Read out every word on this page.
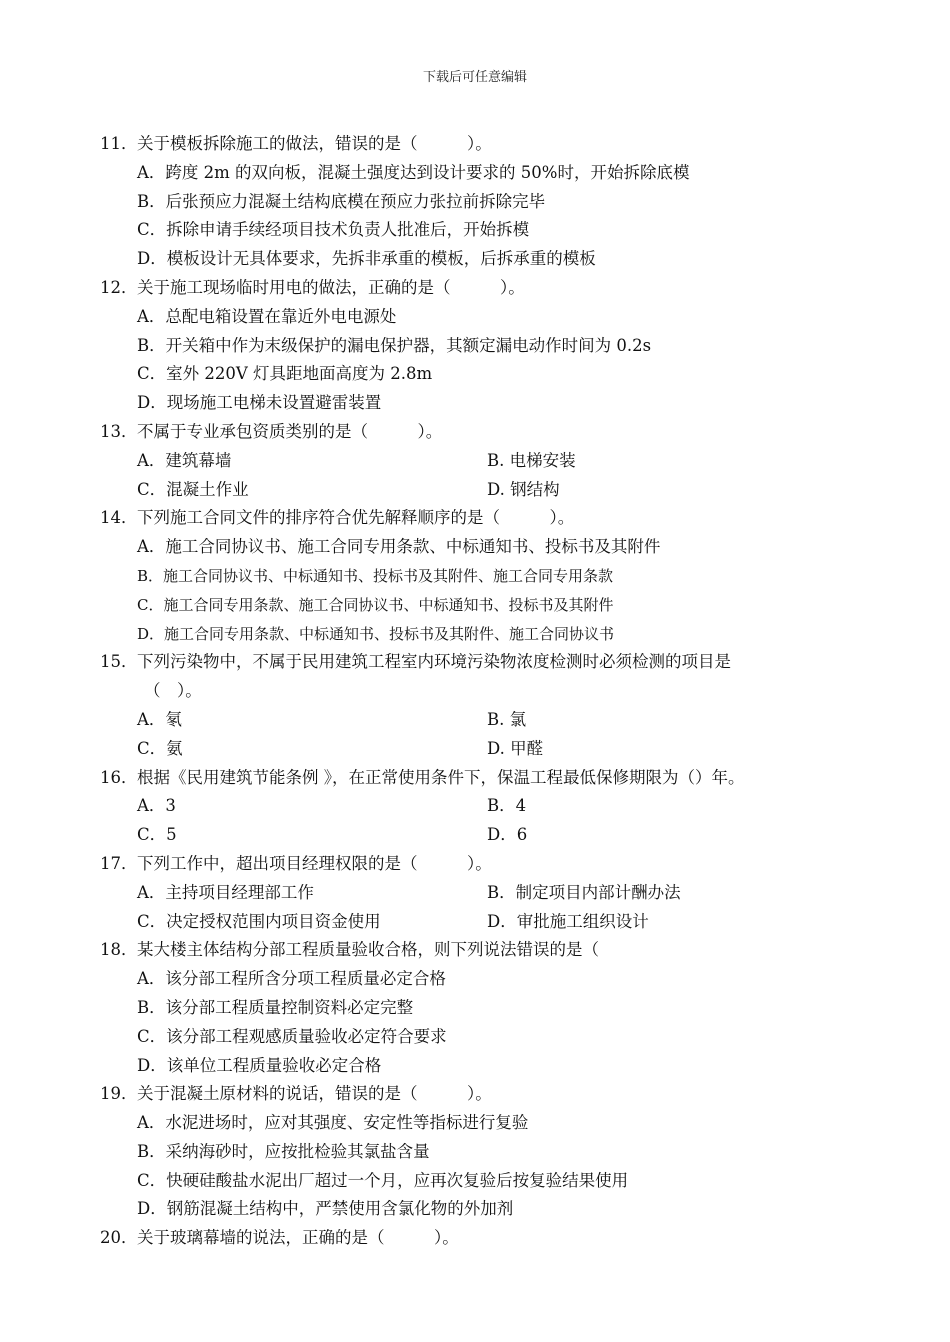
下载后可任意编辑
11．关于模板拆除施工的做法，错误的是（　　　）。
A．跨度 2m 的双向板，混凝土强度达到设计要求的 50%时，开始拆除底模
B．后张预应力混凝土结构底模在预应力张拉前拆除完毕
C．拆除申请手续经项目技术负责人批准后，开始拆模
D．模板设计无具体要求，先拆非承重的模板，后拆承重的模板
12．关于施工现场临时用电的做法，正确的是（　　　）。
A．总配电箱设置在靠近外电电源处
B．开关箱中作为末级保护的漏电保护器，其额定漏电动作时间为 0.2s
C．室外 220V 灯具距地面高度为 2.8m
D．现场施工电梯未设置避雷装置
13．不属于专业承包资质类别的是（　　　）。
A．建筑幕墙	B. 电梯安装
C．混凝土作业	D. 钢结构
14．下列施工合同文件的排序符合优先解释顺序的是（　　　）。
A．施工合同协议书、施工合同专用条款、中标通知书、投标书及其附件
B．施工合同协议书、中标通知书、投标书及其附件、施工合同专用条款
C．施工合同专用条款、施工合同协议书、中标通知书、投标书及其附件
D．施工合同专用条款、中标通知书、投标书及其附件、施工合同协议书
15．下列污染物中，不属于民用建筑工程室内环境污染物浓度检测时必须检测的项目是
（　）。
A．氡	B. 氯
C．氨	D. 甲醛
16．根据《民用建筑节能条例 》，在正常使用条件下，保温工程最低保修期限为（）年。
A．3	B．4
C．5	D．6
17．下列工作中，超出项目经理权限的是（　　　）。
A．主持项目经理部工作	B．制定项目内部计酬办法
C．决定授权范围内项目资金使用	D．审批施工组织设计
18．某大楼主体结构分部工程质量验收合格，则下列说法错误的是（
A．该分部工程所含分项工程质量必定合格
B．该分部工程质量控制资料必定完整
C．该分部工程观感质量验收必定符合要求
D．该单位工程质量验收必定合格
19．关于混凝土原材料的说话，错误的是（　　　）。
A．水泥进场时，应对其强度、安定性等指标进行复验
B．采纳海砂时，应按批检验其氯盐含量
C．快硬硅酸盐水泥出厂超过一个月，应再次复验后按复验结果使用
D．钢筋混凝土结构中，严禁使用含氯化物的外加剂
20．关于玻璃幕墙的说法，正确的是（　　　）。
